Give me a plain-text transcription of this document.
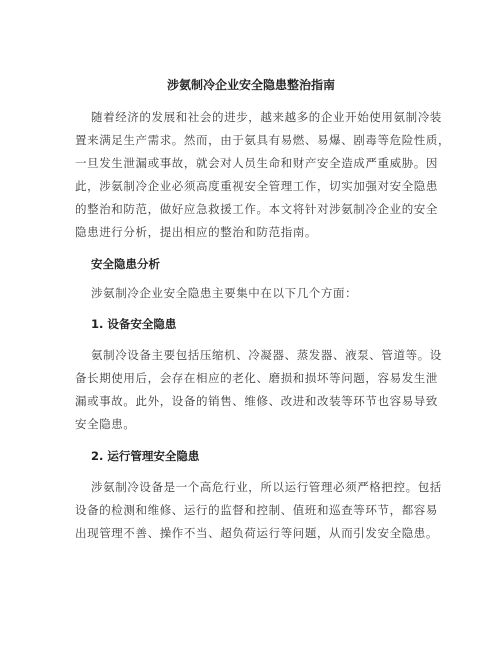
涉氨制冷企业安全隐患整治指南
随着经济的发展和社会的进步，越来越多的企业开始使用氨制冷装
置来满足生产需求。然而，由于氨具有易燃、易爆、剧毒等危险性质，
一旦发生泄漏或事故，就会对人员生命和财产安全造成严重威胁。因
此，涉氨制冷企业必须高度重视安全管理工作，切实加强对安全隐患
的整治和防范，做好应急救援工作。本文将针对涉氨制冷企业的安全
隐患进行分析，提出相应的整治和防范指南。
安全隐患分析
涉氨制冷企业安全隐患主要集中在以下几个方面：
1. 设备安全隐患
氨制冷设备主要包括压缩机、冷凝器、蒸发器、液泵、管道等。设
备长期使用后，会存在相应的老化、磨损和损坏等问题，容易发生泄
漏或事故。此外，设备的销售、维修、改进和改装等环节也容易导致
安全隐患。
2. 运行管理安全隐患
涉氨制冷设备是一个高危行业，所以运行管理必须严格把控。包括
设备的检测和维修、运行的监督和控制、值班和巡查等环节，都容易
出现管理不善、操作不当、超负荷运行等问题，从而引发安全隐患。
